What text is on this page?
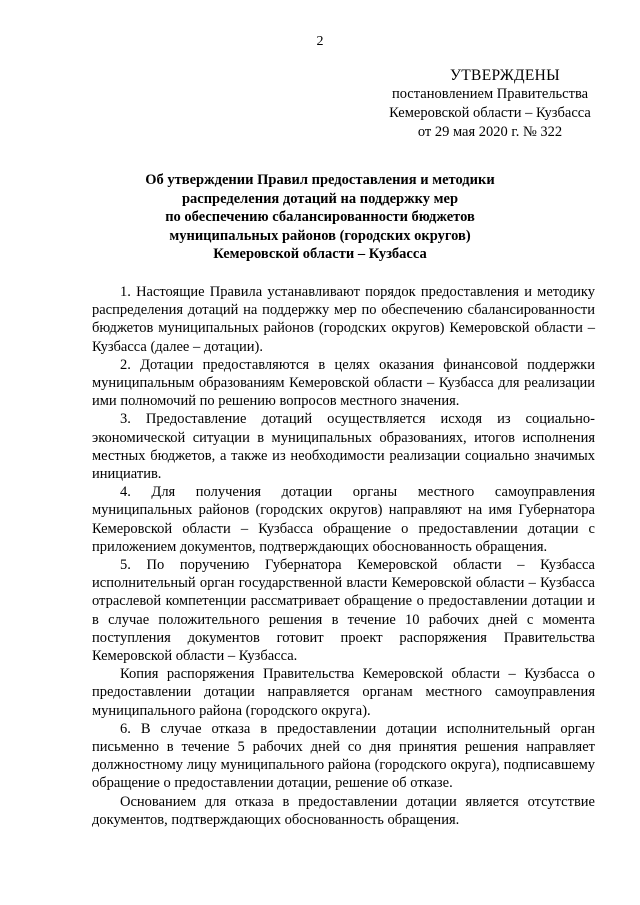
2
УТВЕРЖДЕНЫ
постановлением Правительства
Кемеровской области – Кузбасса
от 29 мая 2020 г. № 322
Об утверждении Правил предоставления и методики
распределения дотаций на поддержку мер
по обеспечению сбалансированности бюджетов
муниципальных районов (городских округов)
Кемеровской области – Кузбасса

1. Настоящие Правила устанавливают порядок предоставления и методику распределения дотаций на поддержку мер по обеспечению сбалансированности бюджетов муниципальных районов (городских округов) Кемеровской области – Кузбасса (далее – дотации).

2. Дотации предоставляются в целях оказания финансовой поддержки муниципальным образованиям Кемеровской области – Кузбасса для реализации ими полномочий по решению вопросов местного значения.

3. Предоставление дотаций осуществляется исходя из социально-экономической ситуации в муниципальных образованиях, итогов исполнения местных бюджетов, а также из необходимости реализации социально значимых инициатив.

4. Для получения дотации органы местного самоуправления муниципальных районов (городских округов) направляют на имя Губернатора Кемеровской области – Кузбасса обращение о предоставлении дотации с приложением документов, подтверждающих обоснованность обращения.

5. По поручению Губернатора Кемеровской области – Кузбасса исполнительный орган государственной власти Кемеровской области – Кузбасса отраслевой компетенции рассматривает обращение о предоставлении дотации и в случае положительного решения в течение 10 рабочих дней с момента поступления документов готовит проект распоряжения Правительства Кемеровской области – Кузбасса.

Копия распоряжения Правительства Кемеровской области – Кузбасса о предоставлении дотации направляется органам местного самоуправления муниципального района (городского округа).

6. В случае отказа в предоставлении дотации исполнительный орган письменно в течение 5 рабочих дней со дня принятия решения направляет должностному лицу муниципального района (городского округа), подписавшему обращение о предоставлении дотации, решение об отказе.

Основанием для отказа в предоставлении дотации является отсутствие документов, подтверждающих обоснованность обращения.
